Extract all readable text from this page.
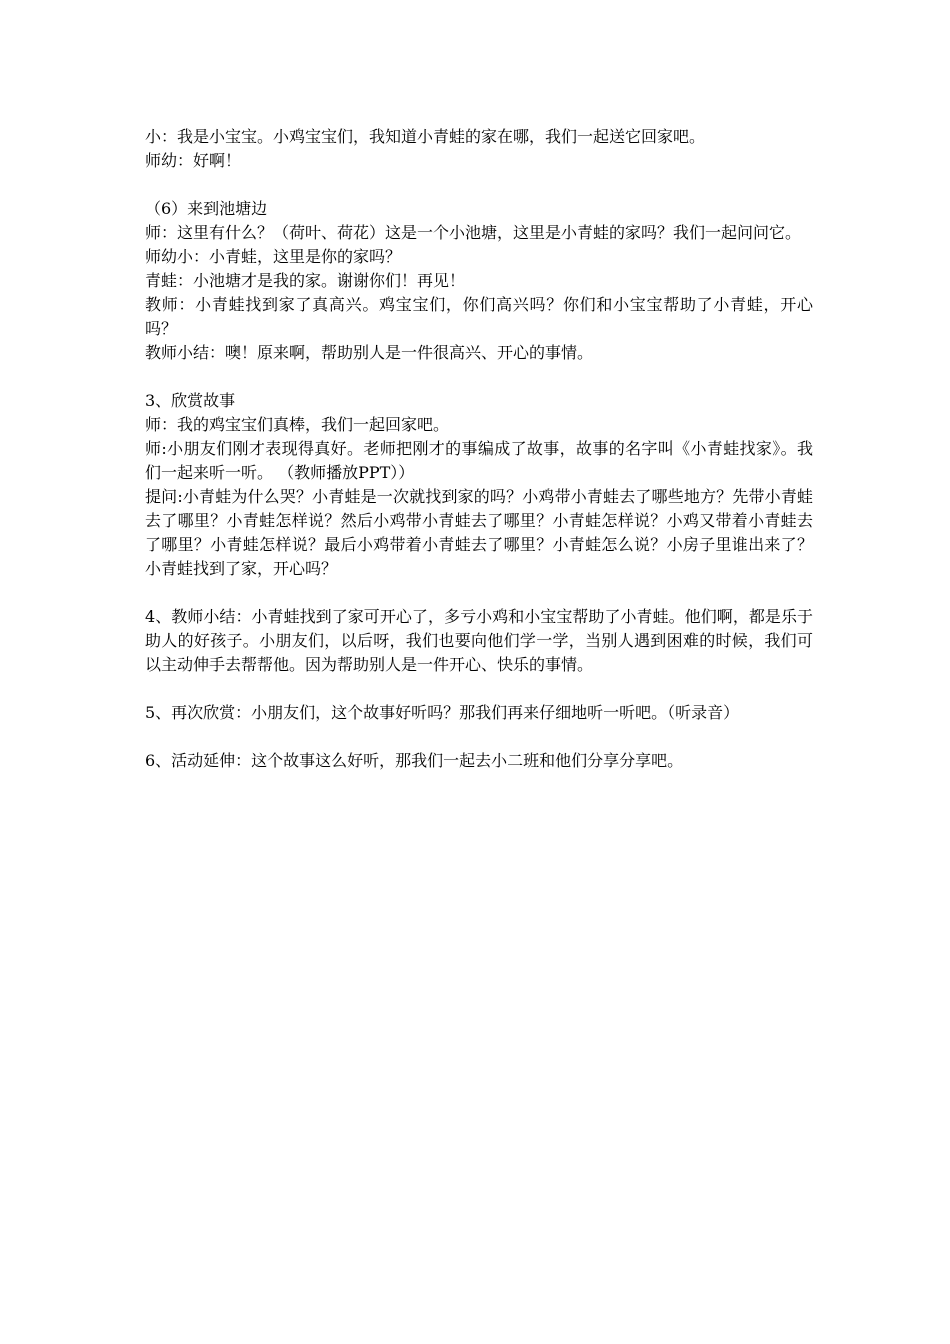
小：我是小宝宝。小鸡宝宝们，我知道小青蛙的家在哪，我们一起送它回家吧。

师幼：好啊！

（6）来到池塘边

师：这里有什么？（荷叶、荷花）这是一个小池塘，这里是小青蛙的家吗？我们一起问问它。

师幼小：小青蛙，这里是你的家吗？

青蛙：小池塘才是我的家。谢谢你们！再见！

教师：小青蛙找到家了真高兴。鸡宝宝们，你们高兴吗？你们和小宝宝帮助了小青蛙，开心吗？

教师小结：噢！原来啊，帮助别人是一件很高兴、开心的事情。

3、欣赏故事

师：我的鸡宝宝们真棒，我们一起回家吧。

师:小朋友们刚才表现得真好。老师把刚才的事编成了故事，故事的名字叫《小青蛙找家》。我们一起来听一听。 （教师播放PPT））

提问:小青蛙为什么哭？小青蛙是一次就找到家的吗？小鸡带小青蛙去了哪些地方？先带小青蛙去了哪里？小青蛙怎样说？然后小鸡带小青蛙去了哪里？小青蛙怎样说？小鸡又带着小青蛙去了哪里？小青蛙怎样说？最后小鸡带着小青蛙去了哪里？小青蛙怎么说？小房子里谁出来了？小青蛙找到了家，开心吗？

4、教师小结：小青蛙找到了家可开心了，多亏小鸡和小宝宝帮助了小青蛙。他们啊，都是乐于助人的好孩子。小朋友们，以后呀，我们也要向他们学一学，当别人遇到困难的时候，我们可以主动伸手去帮帮他。因为帮助别人是一件开心、快乐的事情。

5、再次欣赏：小朋友们，这个故事好听吗？那我们再来仔细地听一听吧。（听录音）

6、活动延伸：这个故事这么好听，那我们一起去小二班和他们分享分享吧。
